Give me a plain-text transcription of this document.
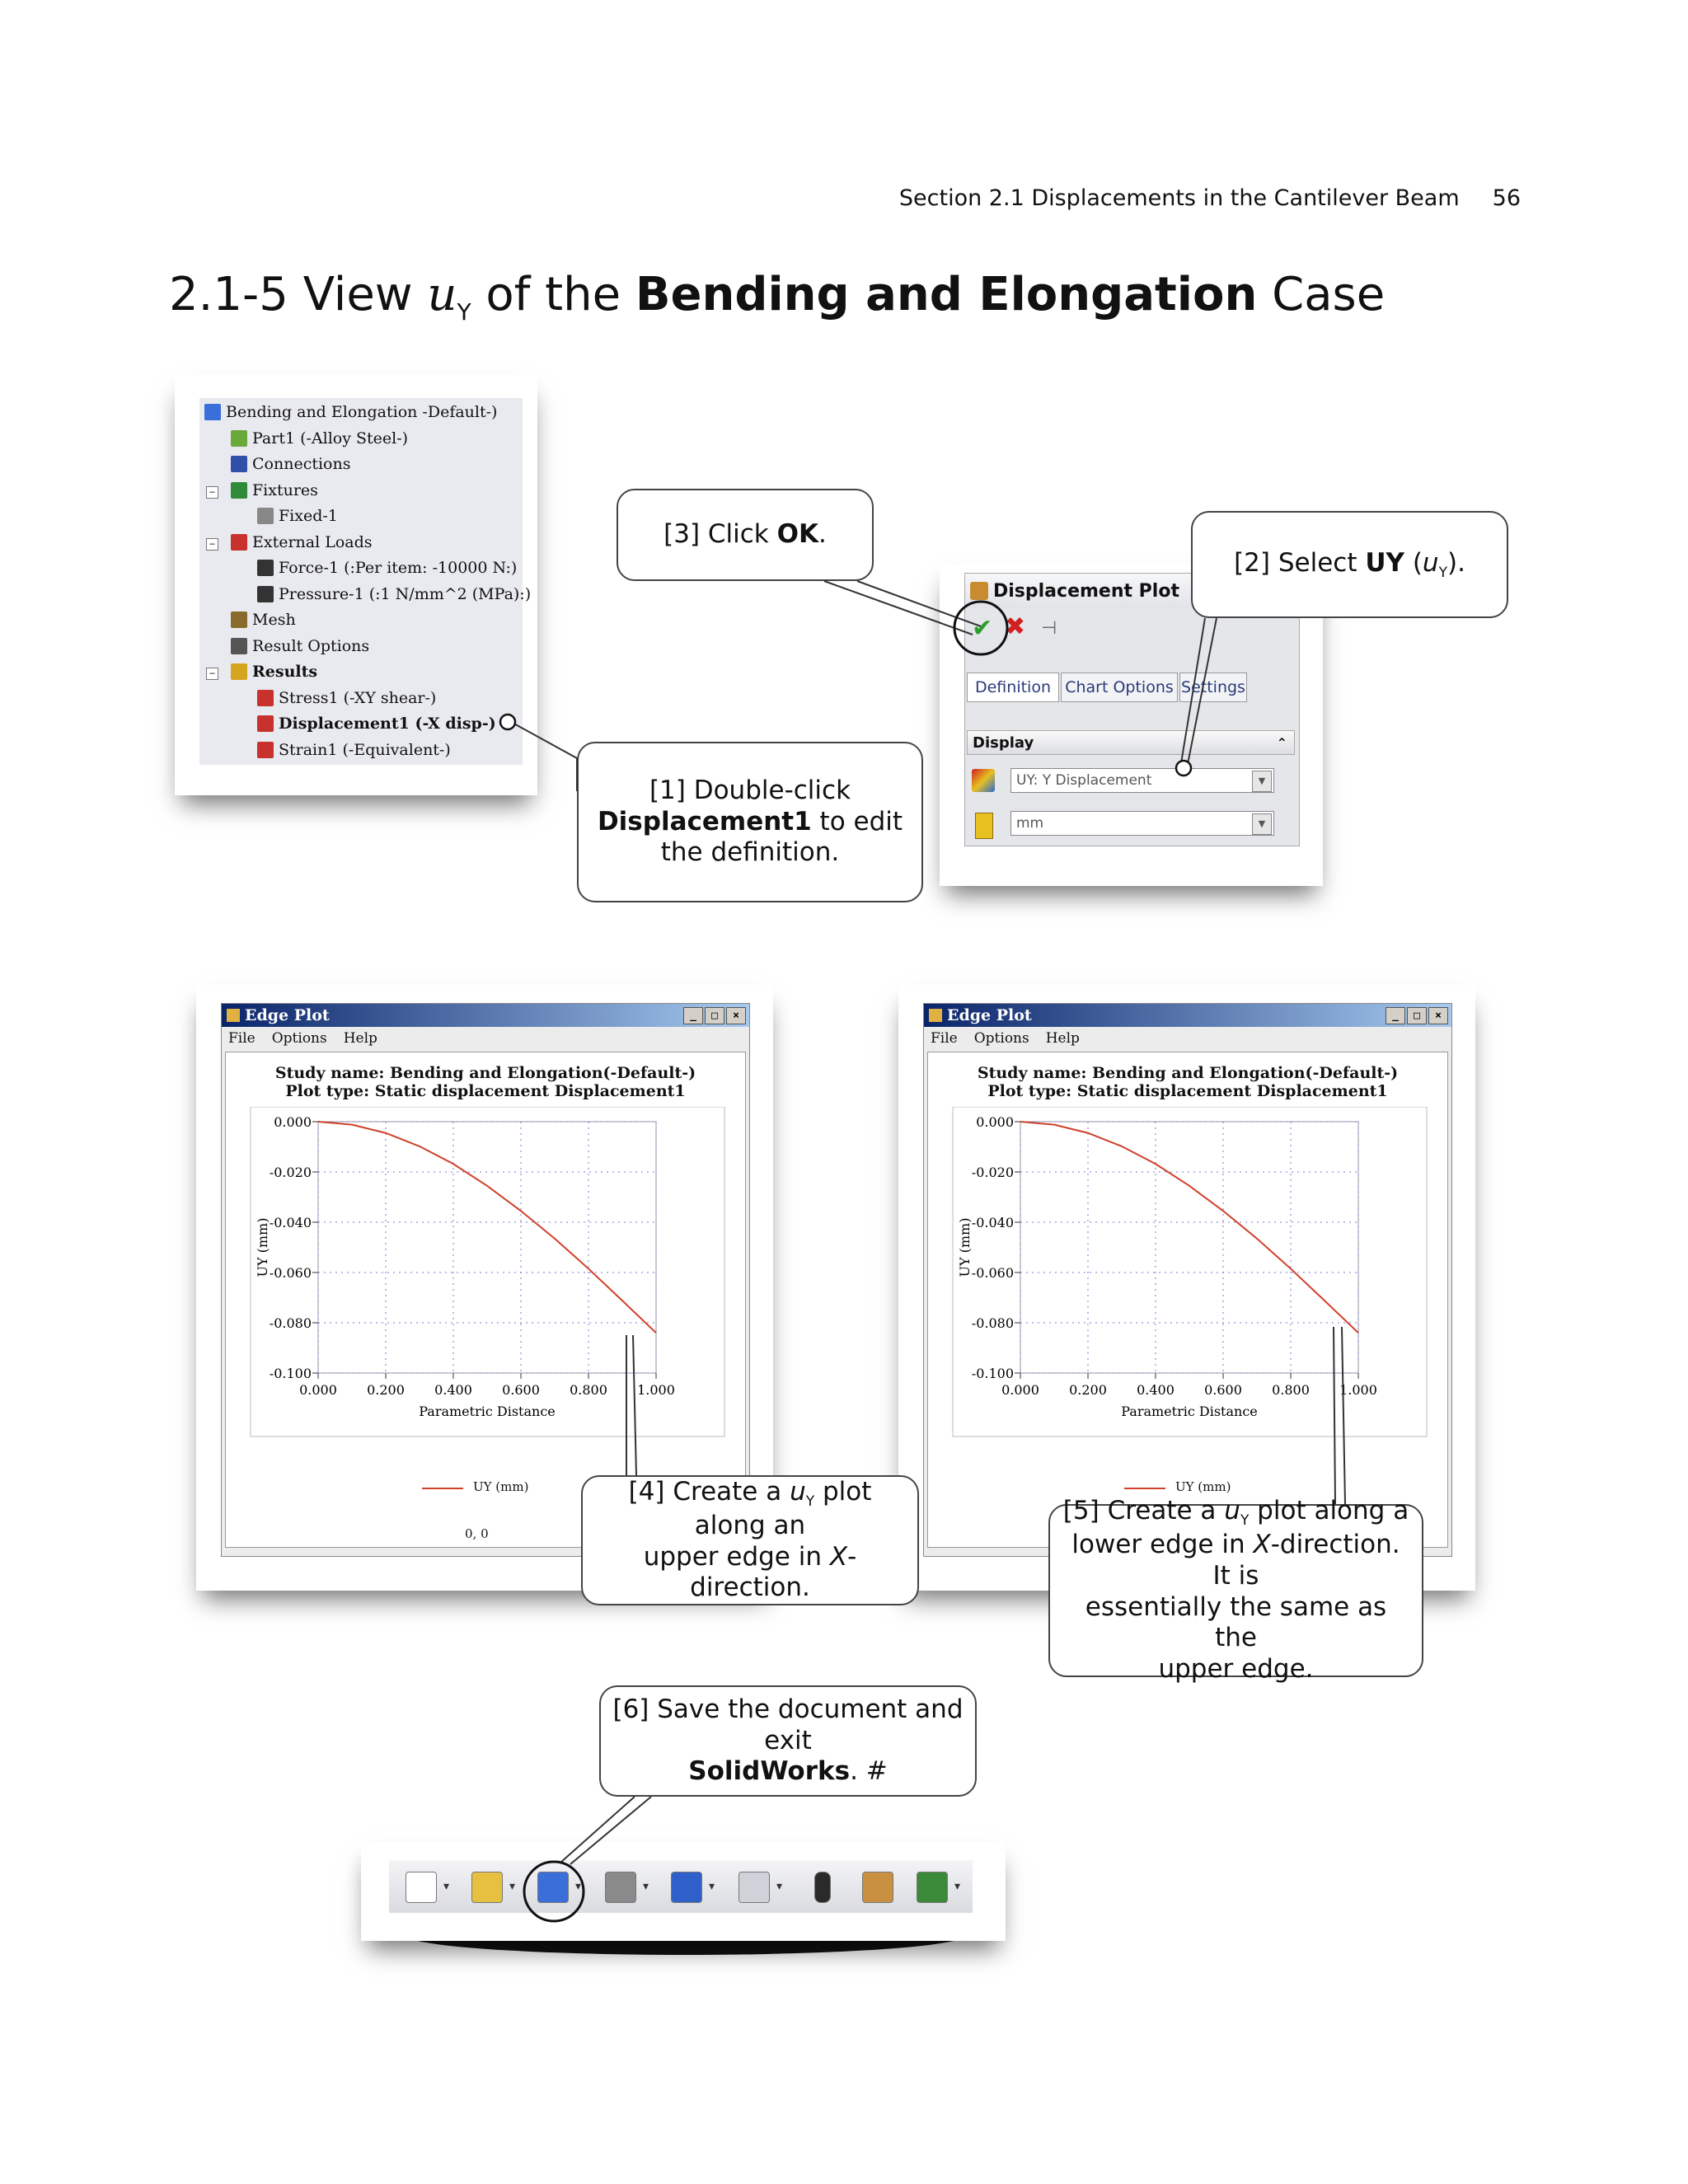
Section 2.1 Displacements in the Cantilever Beam 56
2.1-5 View $u_Y$ of the Bending and Elongation Case
Bending and Elongation -Default-)
Part1 (-Alloy Steel-)
Connections
Fixtures
Fixed-1
External Loads
Force-1 (:Per item: -10000 N:)
Pressure-1 (:1 N/mm^2 (MPa):)
Mesh
Result Options
Results
Stress1 (-XY shear-)
Displacement1 (-X disp-)
Strain1 (-Equivalent-)
−
−
−
Displacement Plot
✔ ✖ ⊣
Definition Chart Options Settings
Display	⌃
UY: Y Displacement	▼
mm	▼
Edge Plot	_	□	×
File Options Help
Study name: Bending and Elongation(-Default-)
Plot type: Static displacement Displacement1
0.000 0.200 0.400 0.600 0.800 1.000
0.000
-0.020
-0.040
-0.060
-0.080
-0.100
Parametric Distance
UY (mm)
UY (mm)
0, 0
Edge Plot	_	□	×
File Options Help
Study name: Bending and Elongation(-Default-)
Plot type: Static displacement Displacement1
0.000 0.200 0.400 0.600 0.800 1.000
0.000
-0.020
-0.040
-0.060
-0.080
-0.100
Parametric Distance
UY (mm)
UY (mm)
▾	▾	▾	▾	▾	▾	▾
[3] Click OK.
[2] Select UY $(u_Y)$.
[1] Double-click
Displacement1 to edit
the definition.
[4] Create a $u_Y$ plot along an
upper edge in X-direction.
[5] Create a $u_Y$ plot along a
lower edge in X-direction. It is
essentially the same as the
upper edge.
[6] Save the document and exit
SolidWorks. #
